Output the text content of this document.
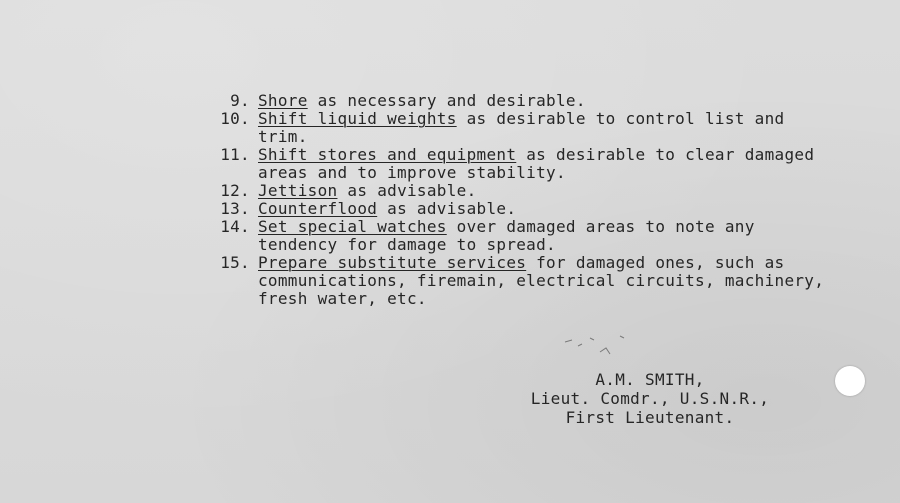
9. Shore as necessary and desirable.
10. Shift liquid weights as desirable to control list and trim.
11. Shift stores and equipment as desirable to clear damaged areas and to improve stability.
12. Jettison as advisable.
13. Counterflood as advisable.
14. Set special watches over damaged areas to note any tendency for damage to spread.
15. Prepare substitute services for damaged ones, such as communications, firemain, electrical circuits, machinery, fresh water, etc.
A.M. SMITH,
Lieut. Comdr., U.S.N.R.,
First Lieutenant.
